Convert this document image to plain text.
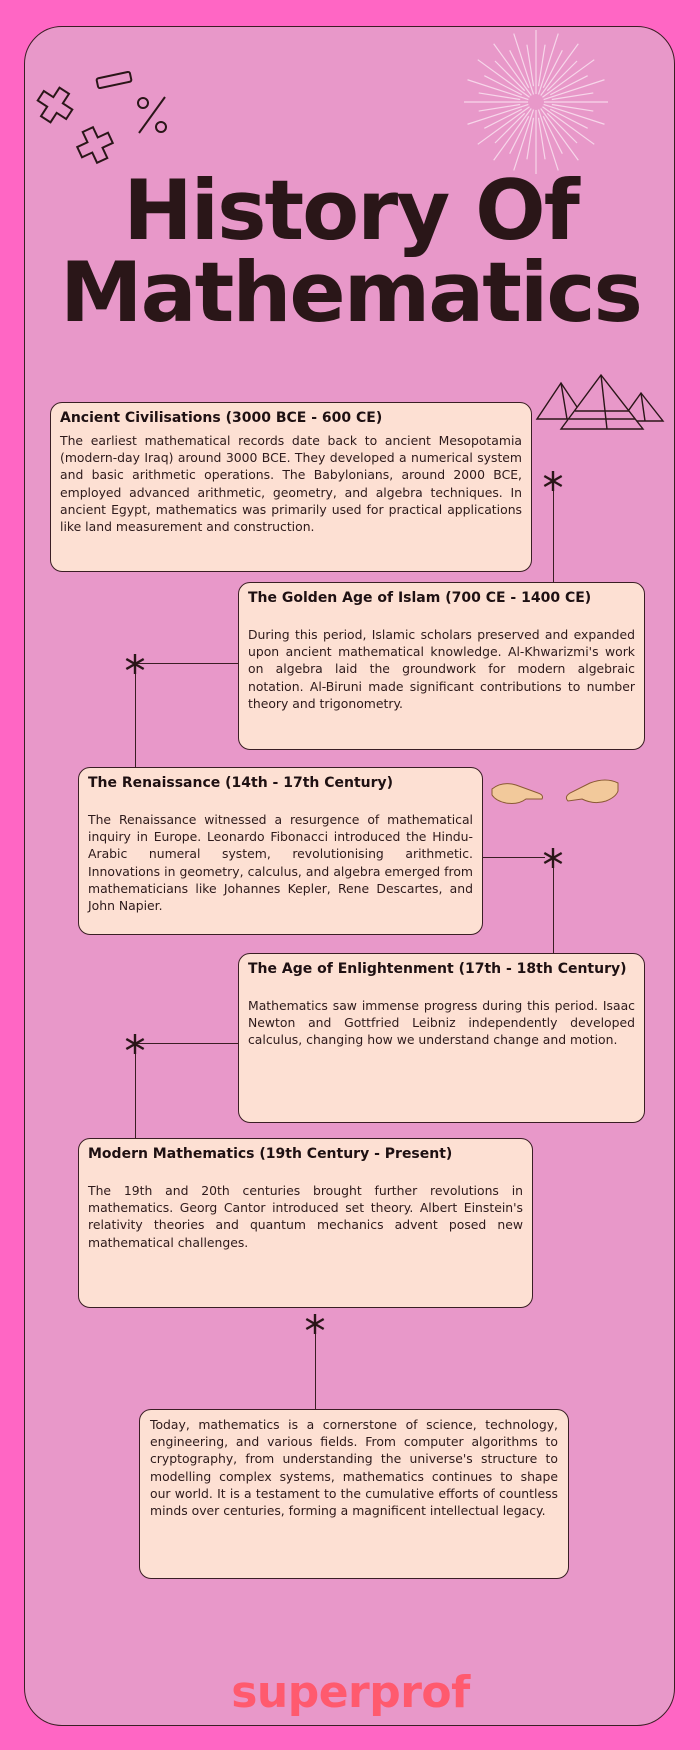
History Of
Mathematics
Ancient Civilisations (3000 BCE - 600 CE)

The earliest mathematical records date back to ancient Mesopotamia (modern-day Iraq) around 3000 BCE. They developed a numerical system and basic arithmetic operations. The Babylonians, around 2000 BCE, employed advanced arithmetic, geometry, and algebra techniques. In ancient Egypt, mathematics was primarily used for practical applications like land measurement and construction.

The Golden Age of Islam (700 CE - 1400 CE)

During this period, Islamic scholars preserved and expanded upon ancient mathematical knowledge. Al-Khwarizmi's work on algebra laid the groundwork for modern algebraic notation. Al-Biruni made significant contributions to number theory and trigonometry.

The Renaissance (14th - 17th Century)

The Renaissance witnessed a resurgence of mathematical inquiry in Europe. Leonardo Fibonacci introduced the Hindu-Arabic numeral system, revolutionising arithmetic. Innovations in geometry, calculus, and algebra emerged from mathematicians like Johannes Kepler, Rene Descartes, and John Napier.

The Age of Enlightenment (17th - 18th Century)

Mathematics saw immense progress during this period. Isaac Newton and Gottfried Leibniz independently developed calculus, changing how we understand change and motion.

Modern Mathematics (19th Century - Present)

The 19th and 20th centuries brought further revolutions in mathematics. Georg Cantor introduced set theory. Albert Einstein's relativity theories and quantum mechanics advent posed new mathematical challenges.

Today, mathematics is a cornerstone of science, technology, engineering, and various fields. From computer algorithms to cryptography, from understanding the universe's structure to modelling complex systems, mathematics continues to shape our world. It is a testament to the cumulative efforts of countless minds over centuries, forming a magnificent intellectual legacy.

superprof
